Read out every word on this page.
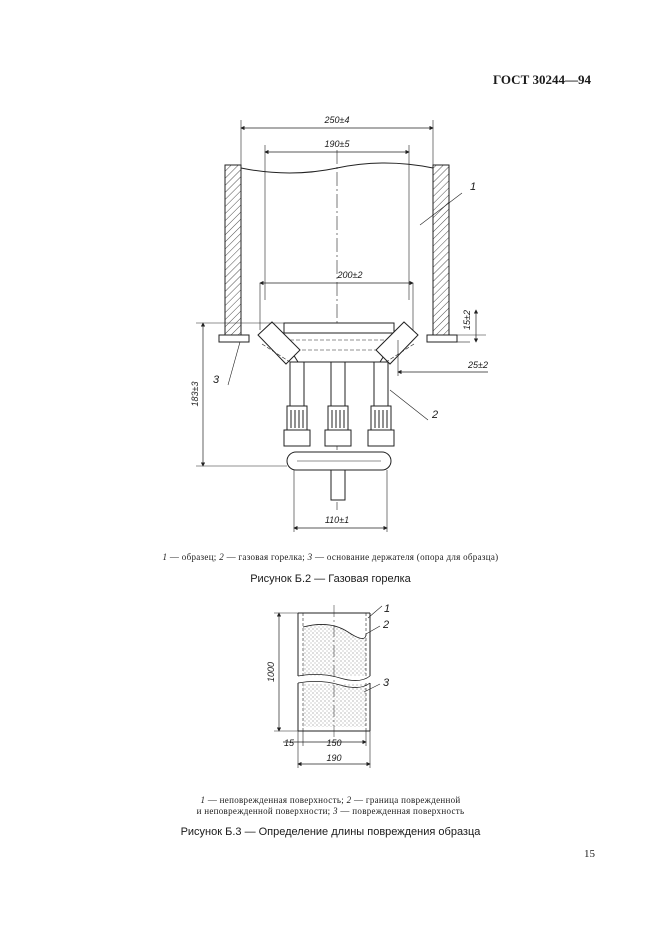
ГОСТ 30244—94
250±4
190±5
200±2
1
2
3
183±3
15±2
25±2
110±1
1 — образец; 2 — газовая горелка; 3 — основание держателя (опора для образца)
Рисунок Б.2 — Газовая горелка
1
2
3
1000
15	150
190
1 — неповрежденная поверхность; 2 — граница поврежденной
и неповрежденной поверхности; 3 — поврежденная поверхность
Рисунок Б.3 — Определение длины повреждения образца
15
